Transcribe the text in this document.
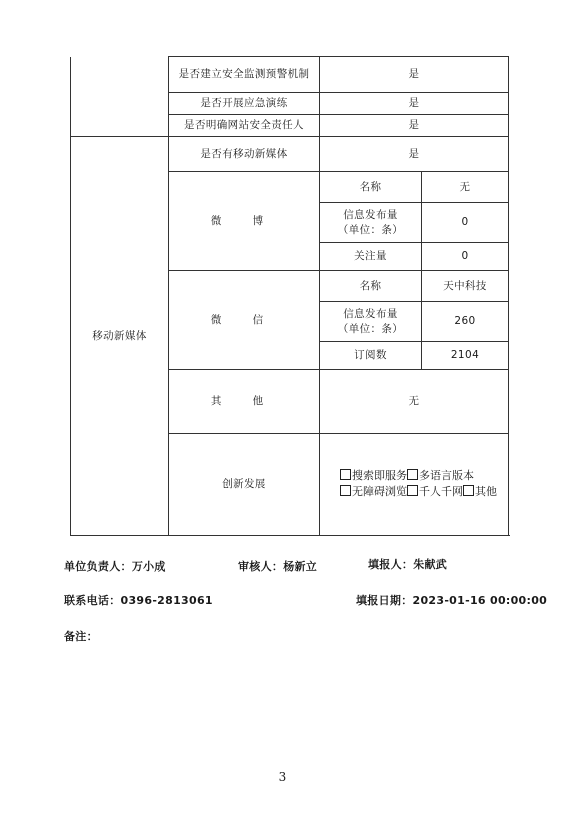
	是否建立安全监测预警机制	是	
	是否开展应急演练	是	
	是否明确网站安全责任人	是	
移动新媒体	是否有移动新媒体	是	
	微 博	名称	无
		信息发布量
（单位：条）	0
		关注量	0
	微 信	名称	天中科技
		信息发布量
（单位：条）	260
		订阅数	2104
	其 他	无	
	创新发展	搜索即服务 多语言版本无障碍浏览 千人千网 其他	
单位负责人：万小成	审核人：杨新立	填报人：朱献武
联系电话：0396-2813061	填报日期：2023-01-16 00:00:00
备注：
3
